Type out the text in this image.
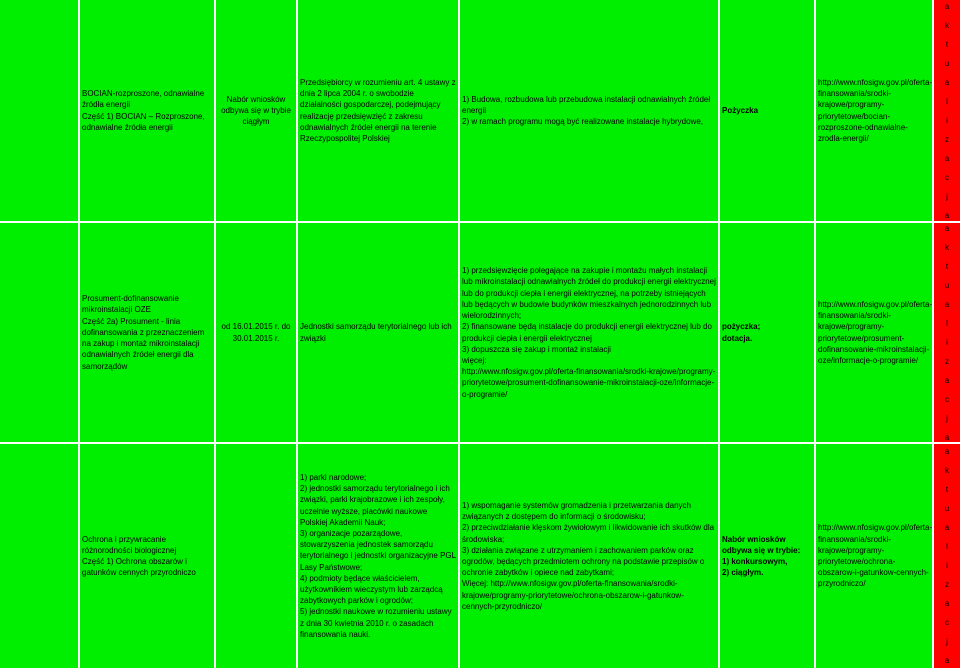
BOCIAN-rozproszone, odnawialne źródła energii
Część 1) BOCIAN – Rozproszone, odnawialne źródła energii
Nabór wniosków odbywa się w trybie ciągłym
Przedsiębiorcy w rozumieniu art. 4 ustawy z dnia 2 lipca 2004 r. o swobodzie działalności gospodarczej, podejmujący realizację przedsięwzięć z zakresu odnawialnych źródeł energii na terenie Rzeczypospolitej Polskiej
1) Budowa, rozbudowa lub przebudowa instalacji odnawialnych źródeł energii
2) w ramach programu mogą być realizowane instalacje hybrydowe,
Pożyczka
http://www.nfosigw.gov.pl/oferta-finansowania/srodki-krajowe/programy-priorytetowe/bocian-rozproszone-odnawialne-zrodla-energii/
a
k
t
u
a
l
i
z
a
c
j
a
Prosument-dofinansowanie mikroinstalacji OZE
Część 2a) Prosument - linia dofinansowania z przeznaczeniem na zakup i montaż mikroinstalacji odnawialnych źródeł energii dla samorządów
od 16.01.2015 r. do 30.01.2015 r.
Jednostki samorządu terytorialnego lub ich związki
1) przedsięwzięcie polegające na zakupie i montażu małych instalacji lub mikroinstalacji odnawialnych źródeł do produkcji energii elektrycznej lub do produkcji ciepła i energii elektrycznej, na potrzeby istniejących lub będących w budowie budynków mieszkalnych jednorodzinnych lub wielorodzinnych;
2) finansowane będą instalacje do produkcji energii elektrycznej lub do produkcji ciepła i energii elektrycznej
3) dopuszcza się zakup i montaż instalacji
więcej:
http://www.nfosigw.gov.pl/oferta-finansowania/srodki-krajowe/programy-priorytetowe/prosument-dofinansowanie-mikroinstalacji-oze/informacje-o-programie/
pożyczka;
dotacja.
http://www.nfosigw.gov.pl/oferta-finansowania/srodki-krajowe/programy-priorytetowe/prosument-dofinansowanie-mikroinstalacji-oze/informacje-o-programie/
a
k
t
u
a
l
i
z
a
c
j
a
Ochrona i przywracanie różnorodności biologicznej
Część 1) Ochrona obszarów i gatunków cennych przyrodniczo
1) parki narodowe;
2) jednostki samorządu terytorialnego i ich związki, parki krajobrazowe i ich zespoły, uczelnie wyższe, placówki naukowe Polskiej Akademii Nauk;
3) organizacje pozarządowe, stowarzyszenia jednostek samorządu terytorialnego i jednostki organizacyjne PGL Lasy Państwowe;
4) podmioty będące właścicielem, użytkownikiem wieczystym lub zarządcą zabytkowych parków i ogrodów;
5) jednostki naukowe w rozumieniu ustawy z dnia 30 kwietnia 2010 r. o zasadach finansowania nauki.
1) wspomaganie systemów gromadzenia i przetwarzania danych związanych z dostępem do informacji o środowisku;
2) przeciwdziałanie klęskom żywiołowym i likwidowanie ich skutków dla środowiska;
3) działania związane z utrzymaniem i zachowaniem parków oraz ogrodów, będących przedmiotem ochrony na podstawie przepisów o ochronie zabytków i opiece nad zabytkami;
Więcej: http://www.nfosigw.gov.pl/oferta-finansowania/srodki-krajowe/programy-priorytetowe/ochrona-obszarow-i-gatunkow-cennych-przyrodniczo/
Nabór wniosków odbywa się w trybie:
1) konkursowym,
2) ciągłym.
http://www.nfosigw.gov.pl/oferta-finansowania/srodki-krajowe/programy-priorytetowe/ochrona-obszarow-i-gatunkow-cennych-przyrodniczo/
a
k
t
u
a
l
i
z
a
c
j
a
